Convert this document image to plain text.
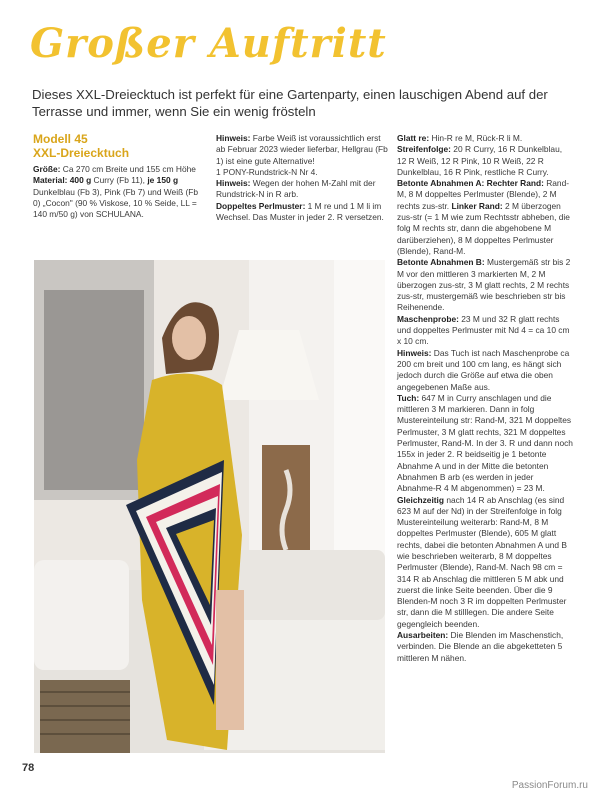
Großer Auftritt
Dieses XXL-Dreiecktuch ist perfekt für eine Gartenparty, einen lauschigen Abend auf der Terrasse und immer, wenn Sie ein wenig frösteln
Modell 45
XXL-Dreiecktuch

Größe: Ca 270 cm Breite und 155 cm Höhe

Material: 400 g Curry (Fb 11), je 150 g Dunkelblau (Fb 3), Pink (Fb 7) und Weiß (Fb 0) „Cocon" (90 % Viskose, 10 % Seide, LL = 140 m/50 g) von SCHULANA.

Hinweis: Farbe Weiß ist voraussichtlich erst ab Februar 2023 wieder lieferbar, Hellgrau (Fb 1) ist eine gute Alternative!

1 PONY-Rundstrick-N Nr 4.

Hinweis: Wegen der hohen M-Zahl mit der Rundstrick-N in R arb.

Doppeltes Perlmuster: 1 M re und 1 M li im Wechsel. Das Muster in jeder 2. R versetzen.

Glatt re: Hin-R re M, Rück-R li M.

Streifenfolge: 20 R Curry, 16 R Dunkelblau, 12 R Weiß, 12 R Pink, 10 R Weiß, 22 R Dunkelblau, 16 R Pink, restliche R Curry.

Betonte Abnahmen A: Rechter Rand: Rand-M, 8 M doppeltes Perlmuster (Blende), 2 M rechts zus-str. Linker Rand: 2 M überzogen zus-str (= 1 M wie zum Rechtsstr abheben, die folg M rechts str, dann die abgehobene M darüberziehen), 8 M doppeltes Perlmuster (Blende), Rand-M.

Betonte Abnahmen B: Mustergemäß str bis 2 M vor den mittleren 3 markierten M, 2 M überzogen zus-str, 3 M glatt rechts, 2 M rechts zus-str, mustergemäß wie beschrieben str bis Reihenende.

Maschenprobe: 23 M und 32 R glatt rechts und doppeltes Perlmuster mit Nd 4 = ca 10 cm x 10 cm.

Hinweis: Das Tuch ist nach Maschenprobe ca 200 cm breit und 100 cm lang, es hängt sich jedoch durch die Größe auf etwa die oben angegebenen Maße aus.

Tuch: 647 M in Curry anschlagen und die mittleren 3 M markieren. Dann in folg Mustereinteilung str: Rand-M, 321 M doppeltes Perlmuster, 3 M glatt rechts, 321 M doppeltes Perlmuster, Rand-M. In der 3. R und dann noch 155x in jeder 2. R beidseitig je 1 betonte Abnahme A und in der Mitte die betonten Abnahmen B arb (es werden in jeder Abnahme-R 4 M abgenommen) = 23 M. Gleichzeitig nach 14 R ab Anschlag (es sind 623 M auf der Nd) in der Streifenfolge in folg Mustereinteilung weiterarb: Rand-M, 8 M doppeltes Perlmuster (Blende), 605 M glatt rechts, dabei die betonten Abnahmen A und B wie beschrieben weiterarb, 8 M doppeltes Perlmuster (Blende), Rand-M. Nach 98 cm = 314 R ab Anschlag die mittleren 5 M abk und zuerst die linke Seite beenden. Über die 9 Blenden-M noch 3 R im doppelten Perlmuster str, dann die M stilllegen. Die andere Seite gegengleich beenden.

Ausarbeiten: Die Blenden im Maschenstich, verbinden. Die Blende an die abgeketteten 5 mittleren M nähen.

78
PassionForum.ru
